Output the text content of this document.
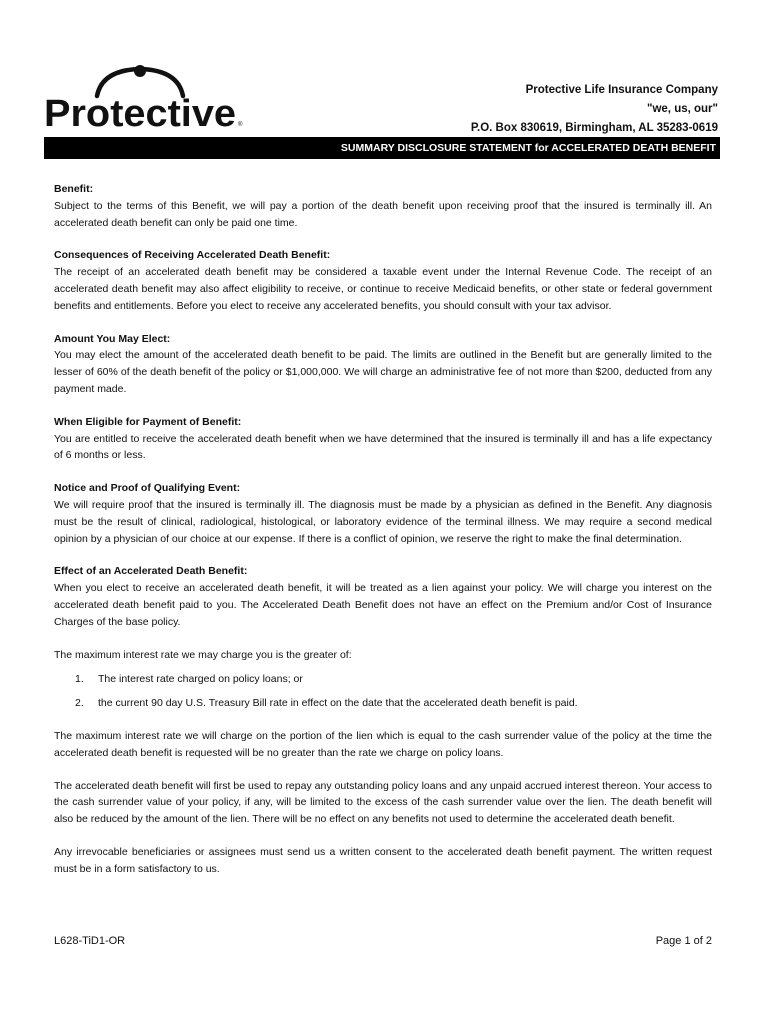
Protective ®
Protective Life Insurance Company
"we, us, our"
P.O. Box 830619, Birmingham, AL 35283-0619
SUMMARY DISCLOSURE STATEMENT for ACCELERATED DEATH BENEFIT
Benefit:
Subject to the terms of this Benefit, we will pay a portion of the death benefit upon receiving proof that the insured is terminally ill. An accelerated death benefit can only be paid one time.
Consequences of Receiving Accelerated Death Benefit:
The receipt of an accelerated death benefit may be considered a taxable event under the Internal Revenue Code. The receipt of an accelerated death benefit may also affect eligibility to receive, or continue to receive Medicaid benefits, or other state or federal government benefits and entitlements. Before you elect to receive any accelerated benefits, you should consult with your tax advisor.
Amount You May Elect:
You may elect the amount of the accelerated death benefit to be paid. The limits are outlined in the Benefit but are generally limited to the lesser of 60% of the death benefit of the policy or $1,000,000. We will charge an administrative fee of not more than $200, deducted from any payment made.
When Eligible for Payment of Benefit:
You are entitled to receive the accelerated death benefit when we have determined that the insured is terminally ill and has a life expectancy of 6 months or less.
Notice and Proof of Qualifying Event:
We will require proof that the insured is terminally ill. The diagnosis must be made by a physician as defined in the Benefit. Any diagnosis must be the result of clinical, radiological, histological, or laboratory evidence of the terminal illness. We may require a second medical opinion by a physician of our choice at our expense. If there is a conflict of opinion, we reserve the right to make the final determination.
Effect of an Accelerated Death Benefit:
When you elect to receive an accelerated death benefit, it will be treated as a lien against your policy. We will charge you interest on the accelerated death benefit paid to you. The Accelerated Death Benefit does not have an effect on the Premium and/or Cost of Insurance Charges of the base policy.
The maximum interest rate we may charge you is the greater of:
1. The interest rate charged on policy loans; or
2. the current 90 day U.S. Treasury Bill rate in effect on the date that the accelerated death benefit is paid.
The maximum interest rate we will charge on the portion of the lien which is equal to the cash surrender value of the policy at the time the accelerated death benefit is requested will be no greater than the rate we charge on policy loans.
The accelerated death benefit will first be used to repay any outstanding policy loans and any unpaid accrued interest thereon. Your access to the cash surrender value of your policy, if any, will be limited to the excess of the cash surrender value over the lien. The death benefit will also be reduced by the amount of the lien. There will be no effect on any benefits not used to determine the accelerated death benefit.
Any irrevocable beneficiaries or assignees must send us a written consent to the accelerated death benefit payment. The written request must be in a form satisfactory to us.
L628-TiD1-OR	Page 1 of 2
